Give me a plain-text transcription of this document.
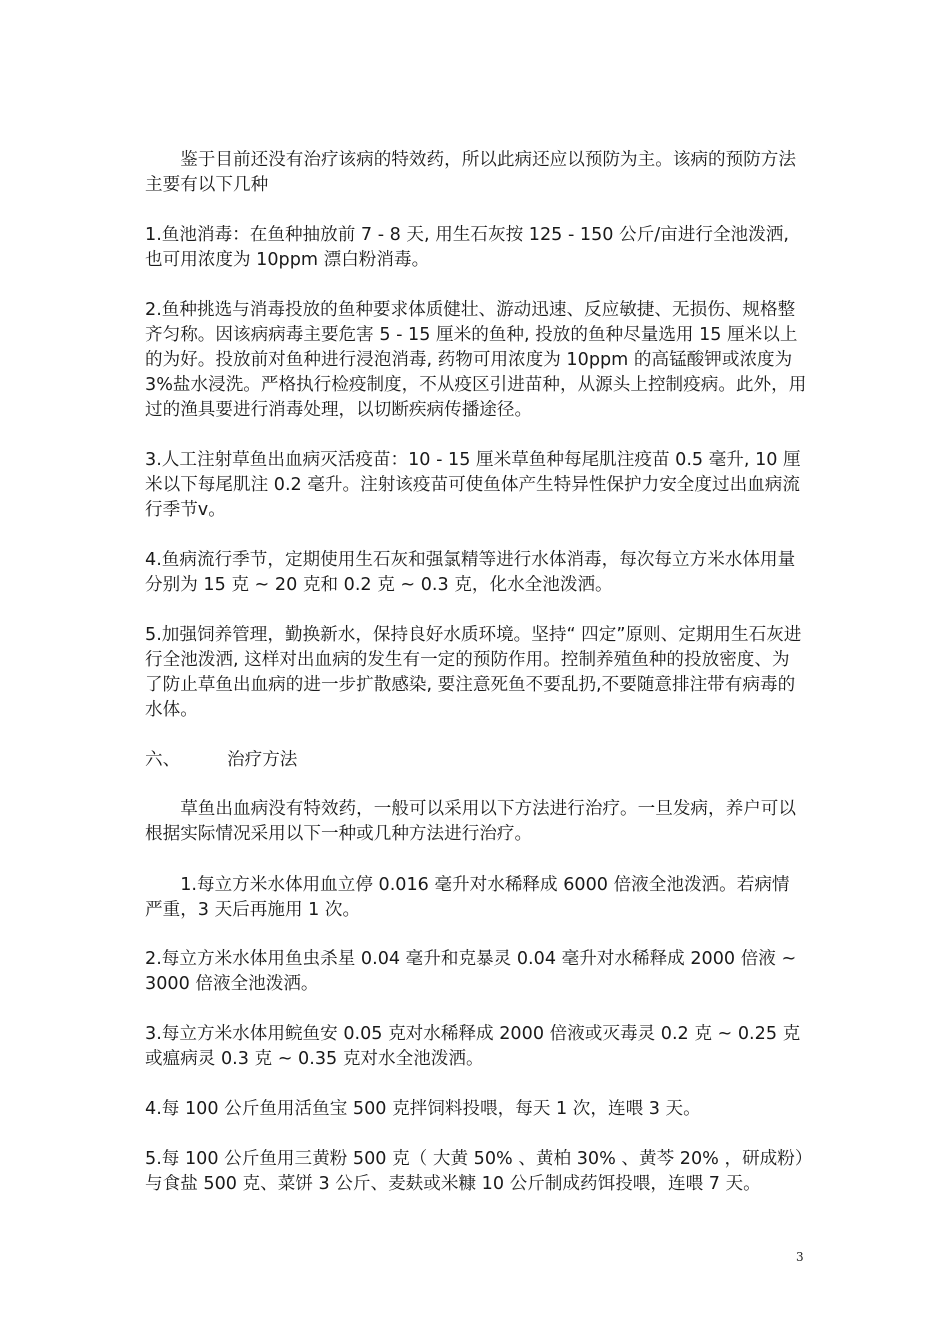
　　鉴于目前还没有治疗该病的特效药，所以此病还应以预防为主。该病的预防方法主要有以下几种

1.鱼池消毒：在鱼种抽放前 7 - 8 天, 用生石灰按 125 - 150 公斤/亩进行全池泼洒, 也可用浓度为 10ppm 漂白粉消毒。

2.鱼种挑选与消毒投放的鱼种要求体质健壮、游动迅速、反应敏捷、无损伤、规格整齐匀称。因该病病毒主要危害 5 - 15 厘米的鱼种, 投放的鱼种尽量选用 15 厘米以上的为好。投放前对鱼种进行浸泡消毒, 药物可用浓度为 10ppm 的高锰酸钾或浓度为 3%盐水浸洗。严格执行检疫制度，不从疫区引进苗种，从源头上控制疫病。此外，用过的渔具要进行消毒处理，以切断疾病传播途径。

3.人工注射草鱼出血病灭活疫苗：10 - 15 厘米草鱼种每尾肌注疫苗 0.5 毫升, 10 厘米以下每尾肌注 0.2 毫升。注射该疫苗可使鱼体产生特异性保护力安全度过出血病流行季节v。

4.鱼病流行季节，定期使用生石灰和强氯精等进行水体消毒，每次每立方米水体用量分别为 15 克 ~ 20 克和 0.2 克 ~ 0.3 克，化水全池泼洒。

5.加强饲养管理，勤换新水，保持良好水质环境。坚持“ 四定”原则、定期用生石灰进行全池泼洒, 这样对出血病的发生有一定的预防作用。控制养殖鱼种的投放密度、为了防止草鱼出血病的进一步扩散感染, 要注意死鱼不要乱扔,不要随意排注带有病毒的水体。

六、	治疗方法

　　草鱼出血病没有特效药，一般可以采用以下方法进行治疗。一旦发病，养户可以根据实际情况采用以下一种或几种方法进行治疗。

　　1.每立方米水体用血立停 0.016 毫升对水稀释成 6000 倍液全池泼洒。若病情严重，3 天后再施用 1 次。

2.每立方米水体用鱼虫杀星 0.04 毫升和克暴灵 0.04 毫升对水稀释成 2000 倍液 ~ 3000 倍液全池泼洒。

3.每立方米水体用鲩鱼安 0.05 克对水稀释成 2000 倍液或灭毒灵 0.2 克 ~ 0.25 克或瘟病灵 0.3 克 ~ 0.35 克对水全池泼洒。

4.每 100 公斤鱼用活鱼宝 500 克拌饲料投喂，每天 1 次，连喂 3 天。

5.每 100 公斤鱼用三黄粉 500 克（ 大黄 50% 、黄柏 30% 、黄芩 20% ，研成粉）与食盐 500 克、菜饼 3 公斤、麦麸或米糠 10 公斤制成药饵投喂，连喂 7 天。

3
